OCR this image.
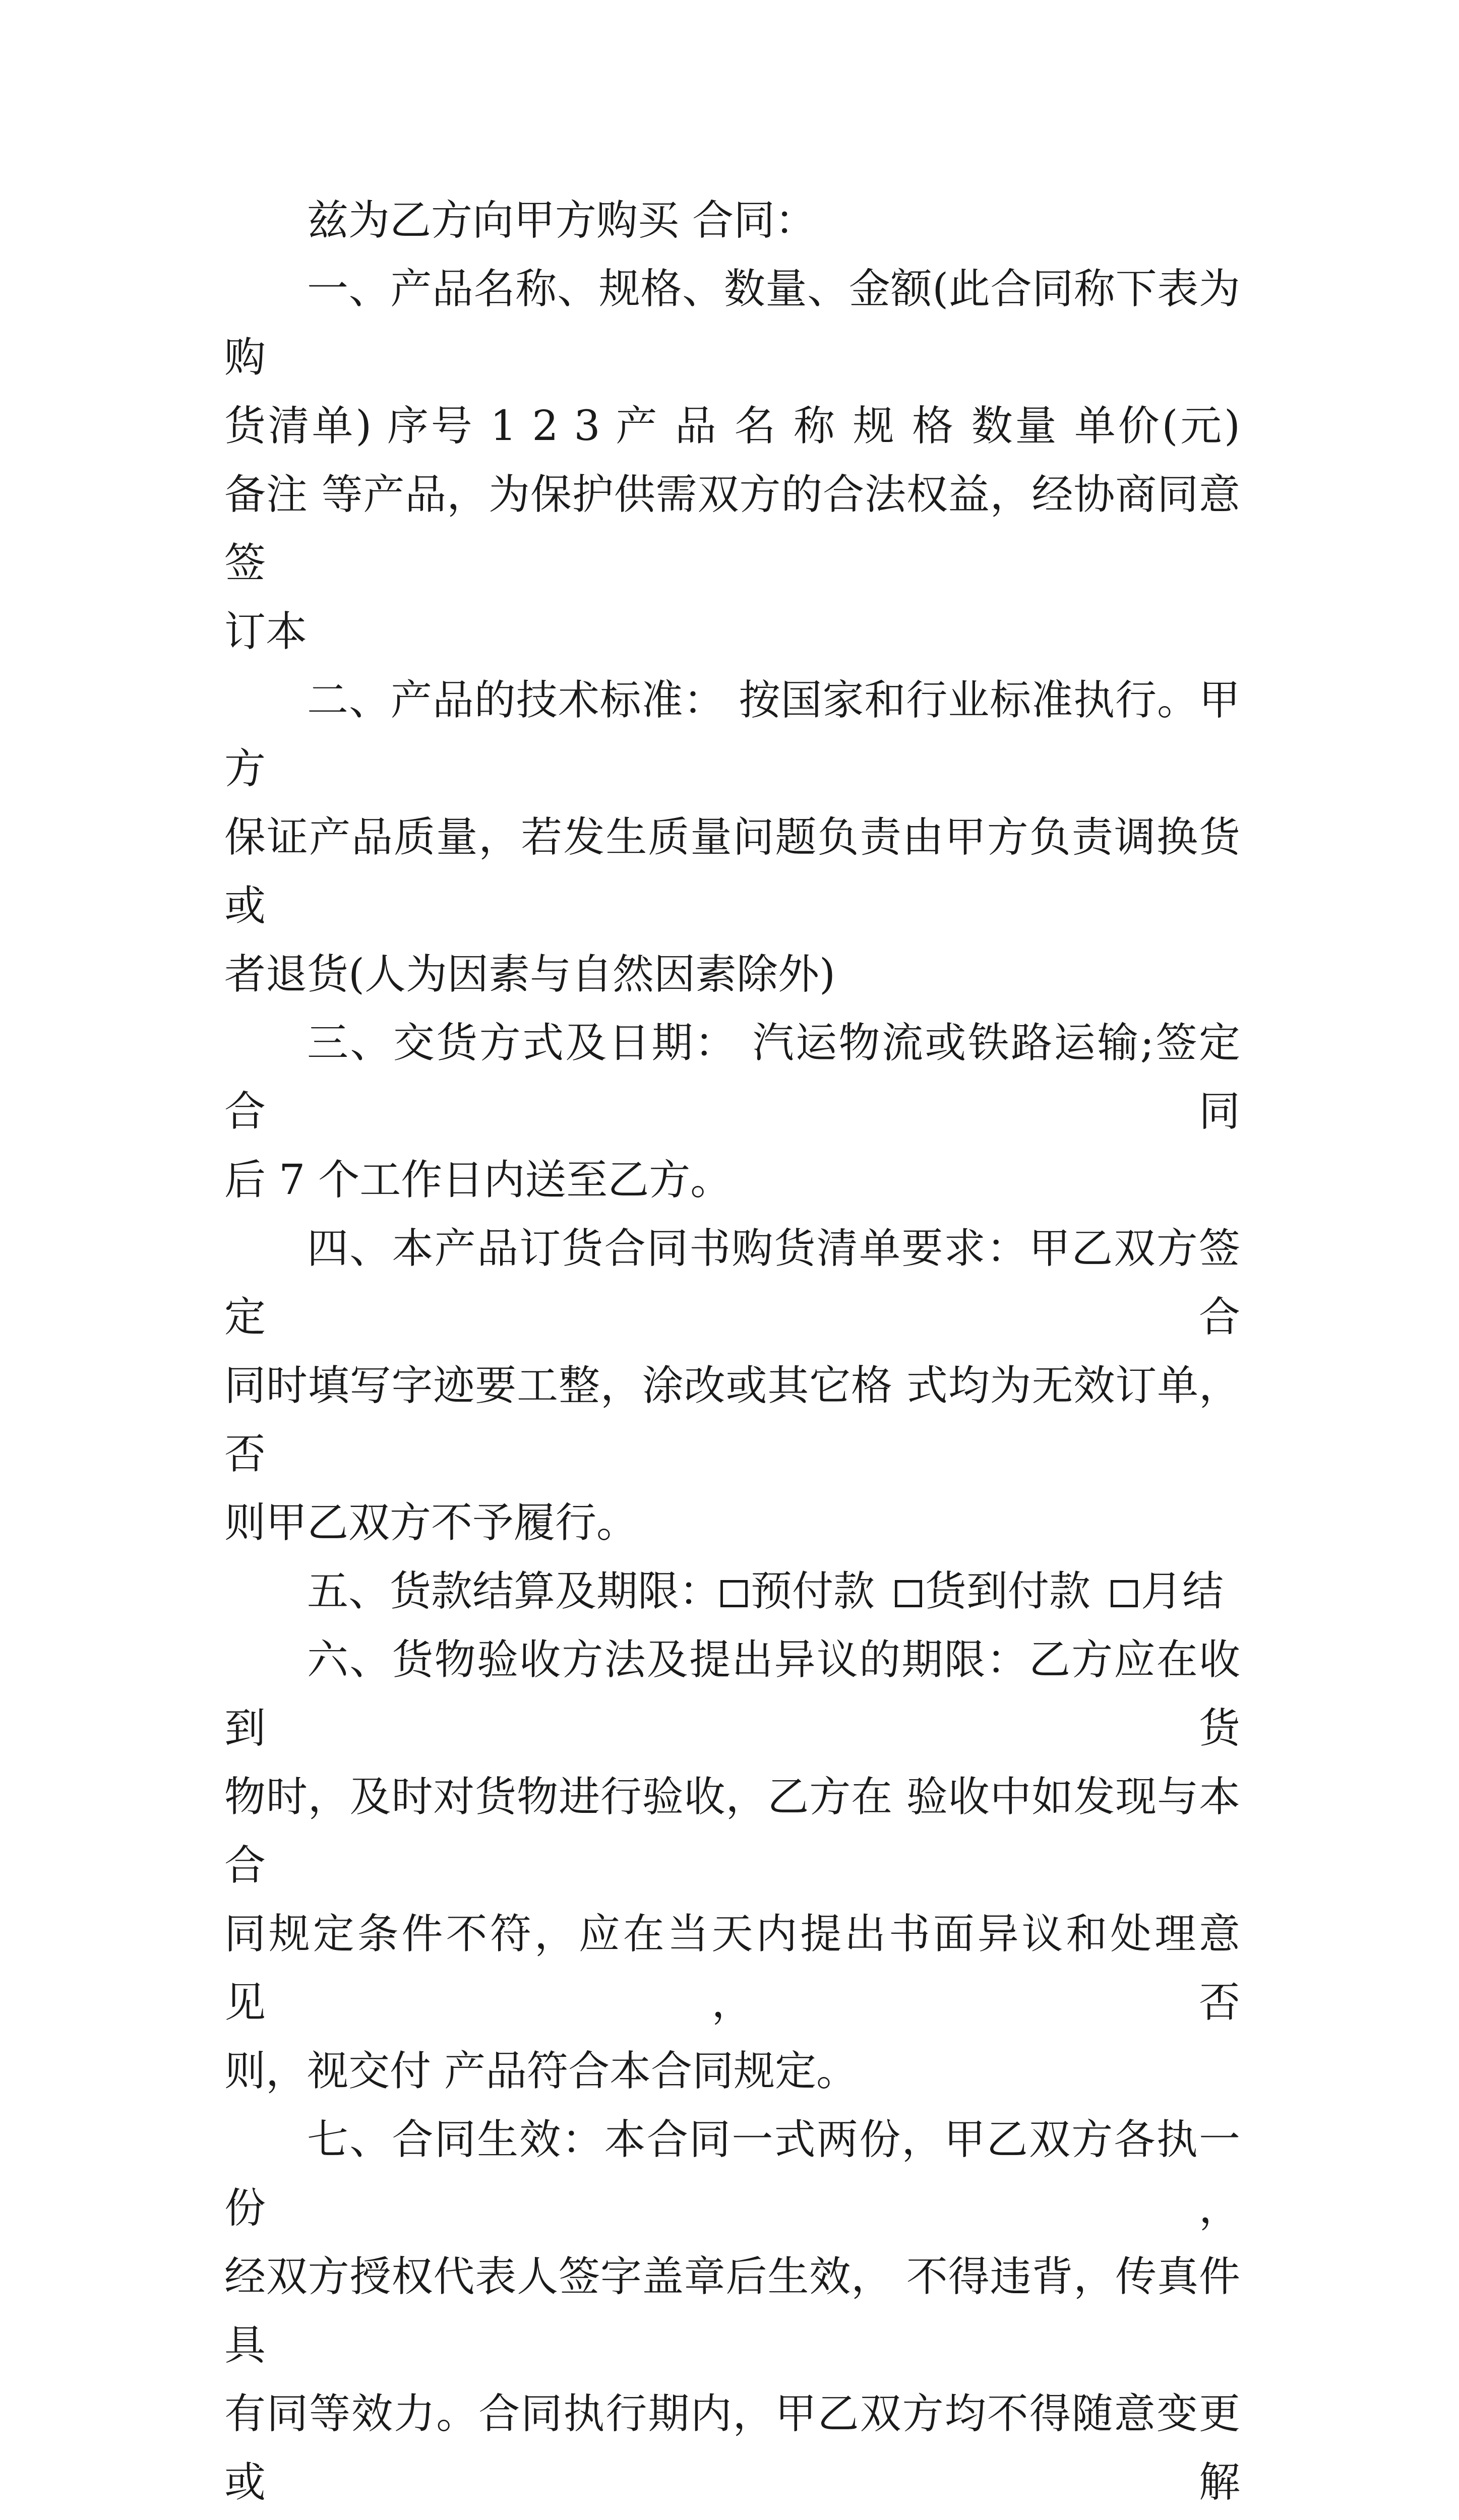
兹为乙方向甲方购买 合同：

一、产品名称、规格、数量、金额(此合同称下表为购
货清单) 序号 1 2 3 产 品 名 称 规 格 数量 单价(元)
备注 等产品，为保护供需双方的合法权益，经协商同意签
订本
二、产品的技术标准： 按国家和行业标准执行。甲方
保证产品质量，若发生质量问题负责由甲方负责调换货或
者退货(人为因素与自然因素除外)
三、交货方式及日期： 汽运物流或铁路运输;签定合同
后 7 个工作日内送至乙方。
四、本产品订货合同书购货清单要求：甲乙双方签定合
同时填写字迹要工整，涂改或其它格 式均为无效订单，否
则甲乙双方不予履行。
五、货款结算及期限： 预付款 货到付款 月结
六、货物验收方法及提出异议的期限：乙方应在收到货
物时，及时对货物进行验收，乙方在 验收中如发现与本合
同规定条件不符，应在当天内提出书面异议和处理意见，否
则，视交付 产品符合本合同规定。
七、合同生效：本合同一式两份，甲乙双方各执一份，
经双方授权代表人签字盖章后生效， 不得违背，传真件具
有同等效力。合同执行期内，甲乙双方均不得随意变更或解
